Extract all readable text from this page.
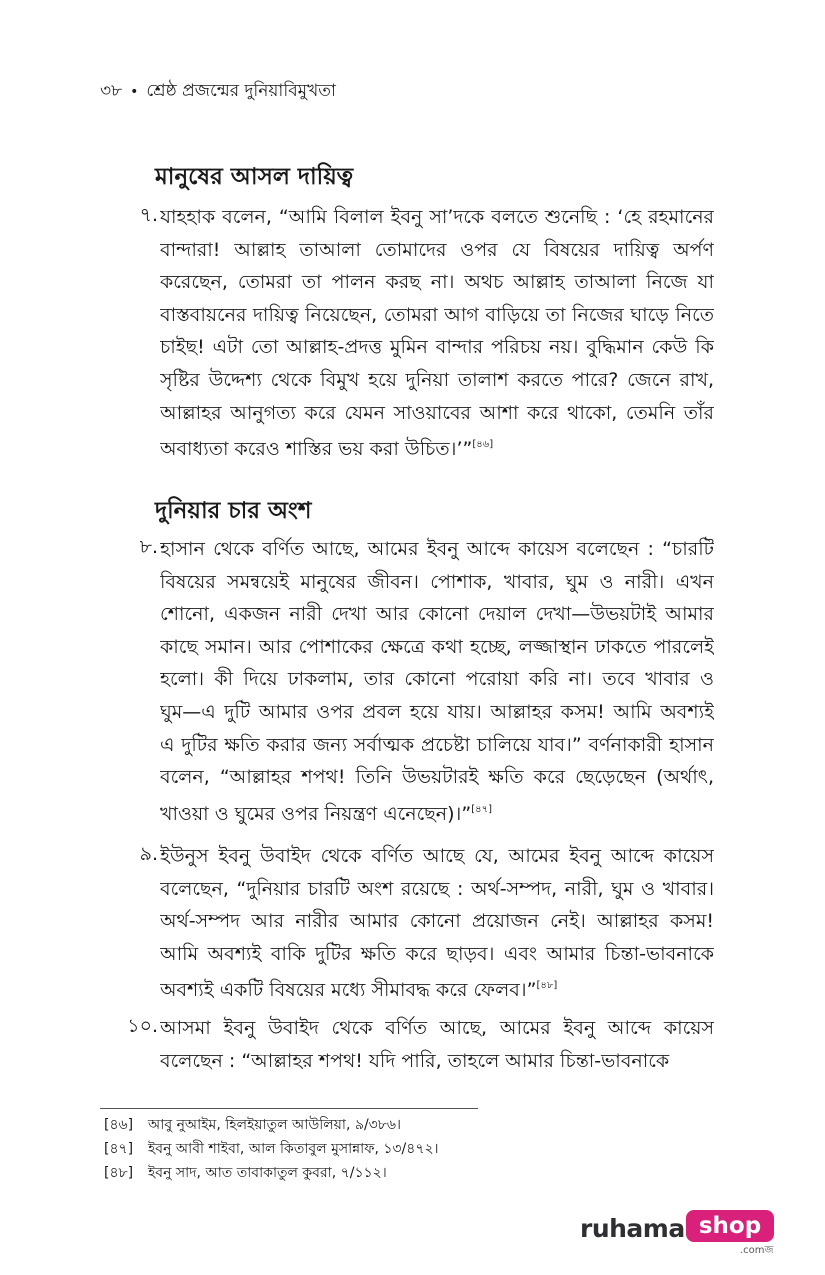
৩৮ • শ্রেষ্ঠ প্রজন্মের দুনিয়াবিমুখতা
মানুষের আসল দায়িত্ব
৭. যাহহাক বলেন, “আমি বিলাল ইবনু সা’দকে বলতে শুনেছি : ‘হে রহমানের
বান্দারা! আল্লাহ তাআলা তোমাদের ওপর যে বিষয়ের দায়িত্ব অর্পণ
করেছেন, তোমরা তা পালন করছ না। অথচ আল্লাহ তাআলা নিজে যা
বাস্তবায়নের দায়িত্ব নিয়েছেন, তোমরা আগ বাড়িয়ে তা নিজের ঘাড়ে নিতে
চাইছ! এটা তো আল্লাহ-প্রদত্ত মুমিন বান্দার পরিচয় নয়। বুদ্ধিমান কেউ কি
সৃষ্টির উদ্দেশ্য থেকে বিমুখ হয়ে দুনিয়া তালাশ করতে পারে? জেনে রাখ,
আল্লাহর আনুগত্য করে যেমন সাওয়াবের আশা করে থাকো, তেমনি তাঁর
অবাধ্যতা করেও শাস্তির ভয় করা উচিত।’”[৪৬]
দুনিয়ার চার অংশ
৮. হাসান থেকে বর্ণিত আছে, আমের ইবনু আব্দে কায়েস বলেছেন : “চারটি
বিষয়ের সমন্বয়েই মানুষের জীবন। পোশাক, খাবার, ঘুম ও নারী। এখন
শোনো, একজন নারী দেখা আর কোনো দেয়াল দেখা—উভয়টাই আমার
কাছে সমান। আর পোশাকের ক্ষেত্রে কথা হচ্ছে, লজ্জাস্থান ঢাকতে পারলেই
হলো। কী দিয়ে ঢাকলাম, তার কোনো পরোয়া করি না। তবে খাবার ও
ঘুম—এ দুটি আমার ওপর প্রবল হয়ে যায়। আল্লাহর কসম! আমি অবশ্যই
এ দুটির ক্ষতি করার জন্য সর্বাত্মক প্রচেষ্টা চালিয়ে যাব।” বর্ণনাকারী হাসান
বলেন, “আল্লাহর শপথ! তিনি উভয়টারই ক্ষতি করে ছেড়েছেন (অর্থাৎ,
খাওয়া ও ঘুমের ওপর নিয়ন্ত্রণ এনেছেন)।”[৪৭]
৯. ইউনুস ইবনু উবাইদ থেকে বর্ণিত আছে যে, আমের ইবনু আব্দে কায়েস
বলেছেন, “দুনিয়ার চারটি অংশ রয়েছে : অর্থ-সম্পদ, নারী, ঘুম ও খাবার।
অর্থ-সম্পদ আর নারীর আমার কোনো প্রয়োজন নেই। আল্লাহর কসম!
আমি অবশ্যই বাকি দুটির ক্ষতি করে ছাড়ব। এবং আমার চিন্তা-ভাবনাকে
অবশ্যই একটি বিষয়ের মধ্যে সীমাবদ্ধ করে ফেলব।”[৪৮]
১০. আসমা ইবনু উবাইদ থেকে বর্ণিত আছে, আমের ইবনু আব্দে কায়েস
বলেছেন : “আল্লাহর শপথ! যদি পারি, তাহলে আমার চিন্তা-ভাবনাকে
[৪৬] আবু নুআইম, হিলইয়াতুল আউলিয়া, ৯/৩৮৬।
[৪৭] ইবনু আবী শাইবা, আল কিতাবুল মুসান্নাফ, ১৩/৪৭২।
[৪৮] ইবনু সাদ, আত তাবাকাতুল কুবরা, ৭/১১২।
ruhama shop
.comজ
